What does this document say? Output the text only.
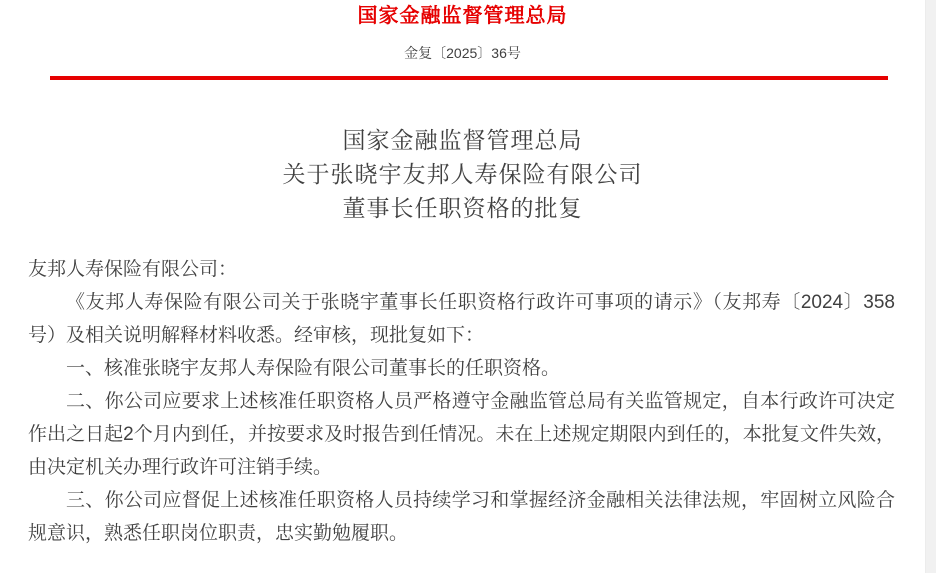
国家金融监督管理总局
金复〔2025〕36号
国家金融监督管理总局
关于张晓宇友邦人寿保险有限公司
董事长任职资格的批复

友邦人寿保险有限公司：

《友邦人寿保险有限公司关于张晓宇董事长任职资格行政许可事项的请示》（友邦寿〔2024〕358号）及相关说明解释材料收悉。经审核，现批复如下：

一、核准张晓宇友邦人寿保险有限公司董事长的任职资格。

二、你公司应要求上述核准任职资格人员严格遵守金融监管总局有关监管规定，自本行政许可决定作出之日起2个月内到任，并按要求及时报告到任情况。未在上述规定期限内到任的，本批复文件失效，由决定机关办理行政许可注销手续。

三、你公司应督促上述核准任职资格人员持续学习和掌握经济金融相关法律法规，牢固树立风险合规意识，熟悉任职岗位职责，忠实勤勉履职。
